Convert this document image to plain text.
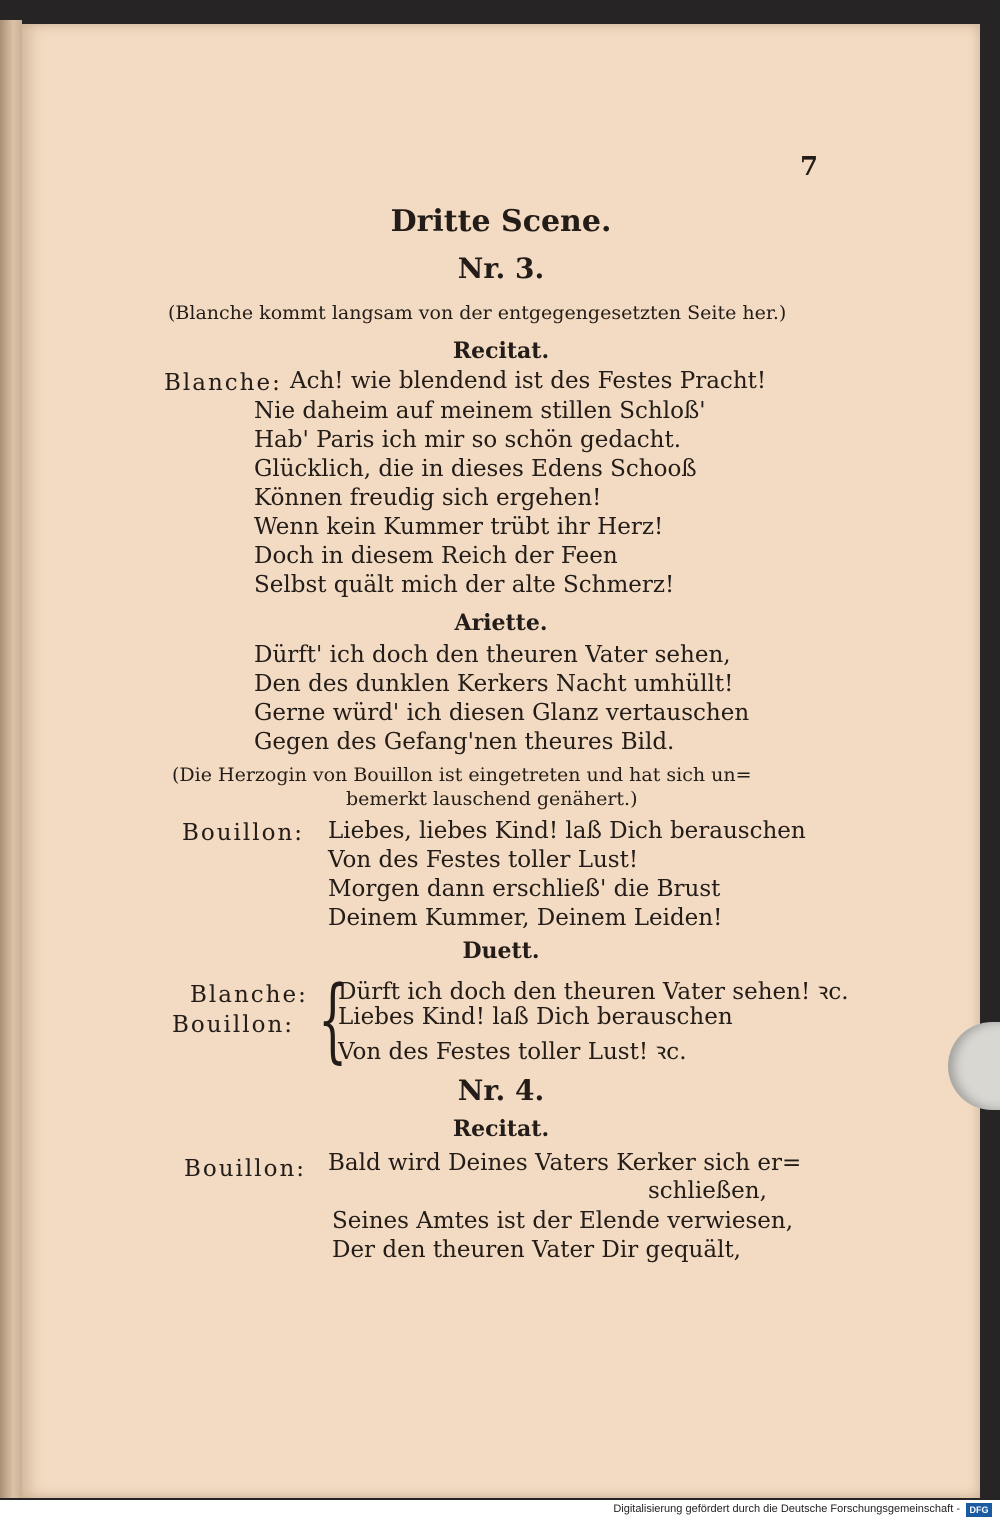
7
Dritte Scene.
Nr. 3.
(Blanche kommt langsam von der entgegengesetzten Seite her.)
Recitat.
Blanche: Ach! wie blendend ist des Festes Pracht!
Nie daheim auf meinem stillen Schloß'
Hab' Paris ich mir so schön gedacht.
Glücklich, die in dieses Edens Schooß
Können freudig sich ergehen!
Wenn kein Kummer trübt ihr Herz!
Doch in diesem Reich der Feen
Selbst quält mich der alte Schmerz!
Ariette.
Dürft' ich doch den theuren Vater sehen,
Den des dunklen Kerkers Nacht umhüllt!
Gerne würd' ich diesen Glanz vertauschen
Gegen des Gefang'nen theures Bild.
(Die Herzogin von Bouillon ist eingetreten und hat sich un=
bemerkt lauschend genähert.)
Bouillon: Liebes, liebes Kind! laß Dich berauschen
Von des Festes toller Lust!
Morgen dann erschließ' die Brust
Deinem Kummer, Deinem Leiden!
Duett.
Blanche:
Bouillon: {
Dürft ich doch den theuren Vater sehen! ꝛc.
Liebes Kind! laß Dich berauschen
Von des Festes toller Lust! ꝛc.
Nr. 4.
Recitat.
Bouillon: Bald wird Deines Vaters Kerker sich er=
schließen,
Seines Amtes ist der Elende verwiesen,
Der den theuren Vater Dir gequält,
Digitalisierung gefördert durch die Deutsche Forschungsgemeinschaft -	DFG
